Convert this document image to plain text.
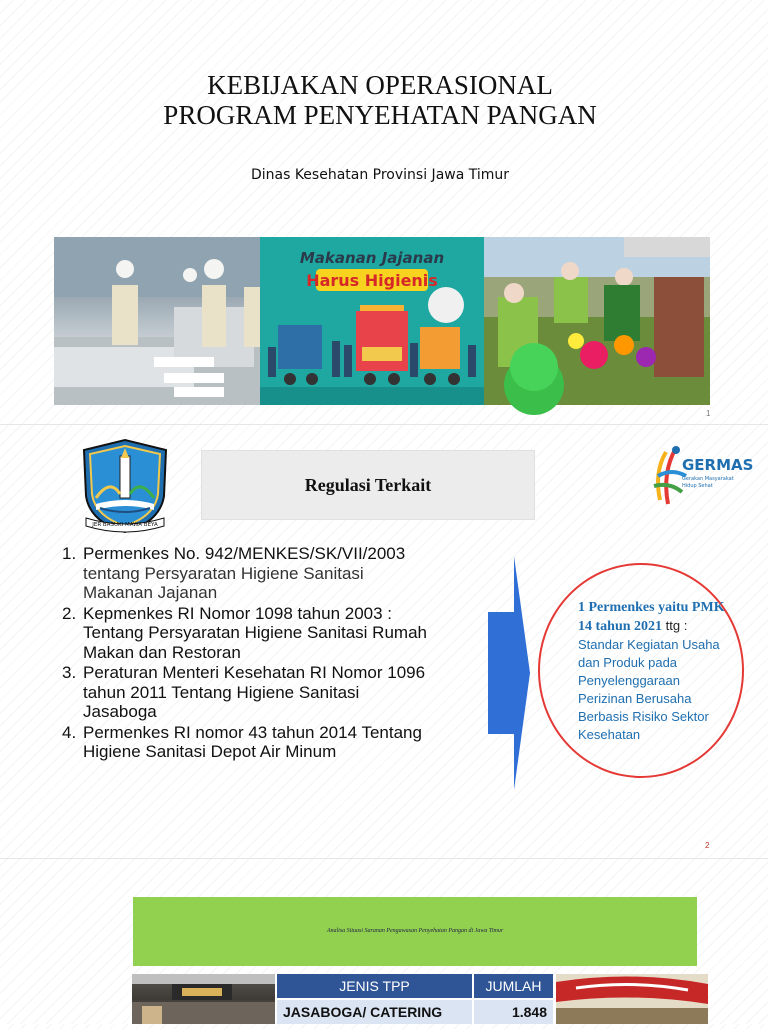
KEBIJAKAN OPERASIONAL
PROGRAM PENYEHATAN PANGAN
Dinas Kesehatan Provinsi Jawa Timur
Makanan Jajanan
Harus Higienis
1
JER BASUKI MAWA BEYA
GERMAS
Gerakan Masyarakat
Hidup Sehat
Regulasi Terkait
1. Permenkes No. 942/MENKES/SK/VII/2003
tentang Persyaratan Higiene Sanitasi
Makanan Jajanan
2. Kepmenkes RI Nomor 1098 tahun 2003 :
Tentang Persyaratan Higiene Sanitasi Rumah
Makan dan Restoran
3. Peraturan Menteri Kesehatan RI Nomor 1096
tahun 2011 Tentang Higiene Sanitasi
Jasaboga
4. Permenkes RI nomor 43 tahun 2014 Tentang
Higiene Sanitasi Depot Air Minum
1 Permenkes yaitu PMK 14 tahun 2021 ttg : Standar Kegiatan Usaha dan Produk pada Penyelenggaraan Perizinan Berusaha Berbasis Risiko Sektor Kesehatan
2
Analisa Situasi Saranan Pengawasan Penyehatan Pangan di Jawa Timur
JENIS TPP	JUMLAH
JASABOGA/ CATERING	1.848
